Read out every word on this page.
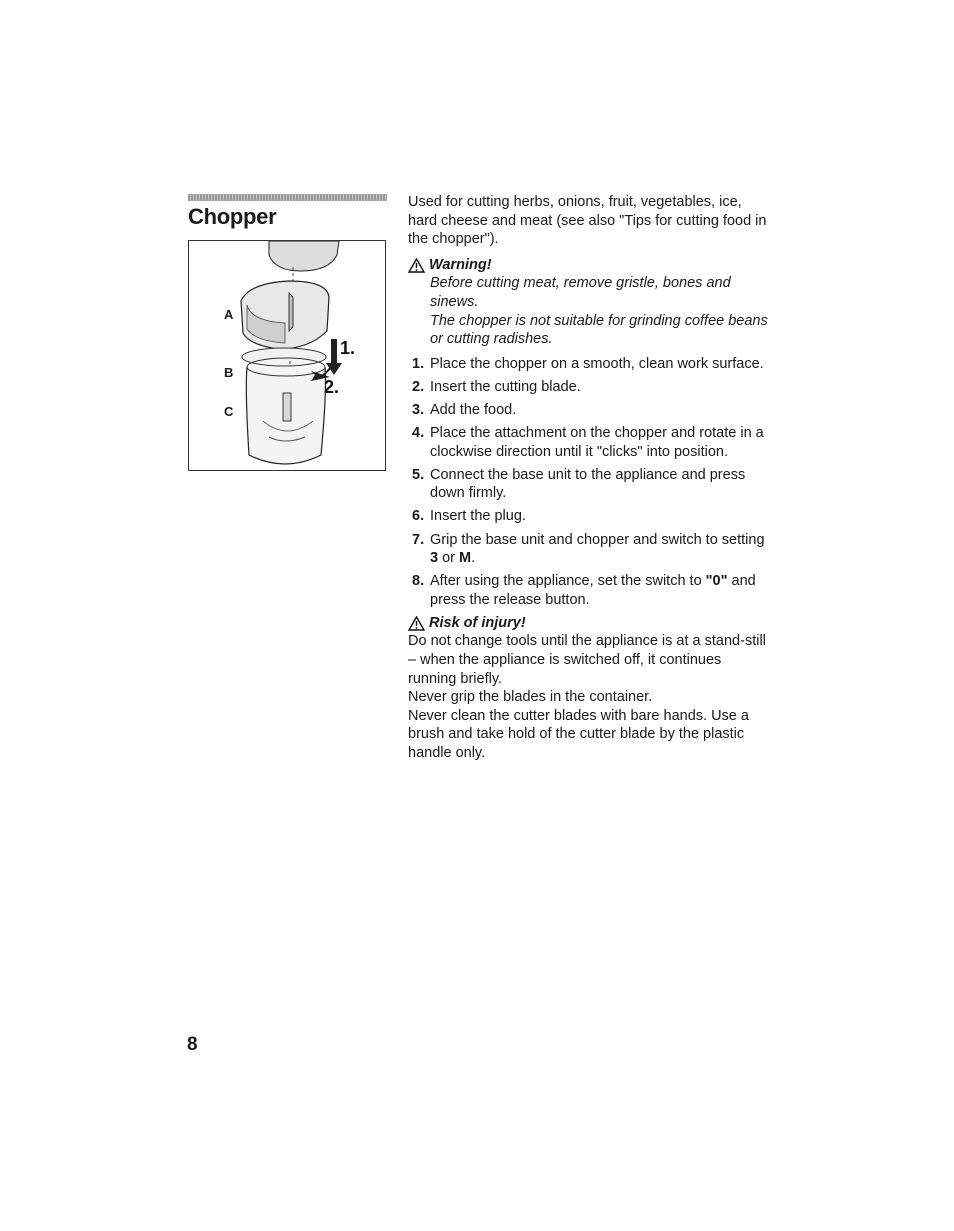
Chopper
1.
2.
A
B
C

Used for cutting herbs, onions, fruit, vegetables, ice, hard cheese and meat (see also "Tips for cutting food in the chopper").

Warning!

Before cutting meat, remove gristle, bones and sinews.

The chopper is not suitable for grinding coffee beans or cutting radishes.

1. Place the chopper on a smooth, clean work surface.
2. Insert the cutting blade.
3. Add the food.
4. Place the attachment on the chopper and rotate in a clockwise direction until it "clicks" into position.
5. Connect the base unit to the appliance and press down firmly.
6. Insert the plug.
7. Grip the base unit and chopper and switch to setting 3 or M.
8. After using the appliance, set the switch to "0" and press the release button.
Risk of injury!

Do not change tools until the appliance is at a stand-still – when the appliance is switched off, it continues running briefly.

Never grip the blades in the container.

Never clean the cutter blades with bare hands. Use a brush and take hold of the cutter blade by the plastic handle only.

8
